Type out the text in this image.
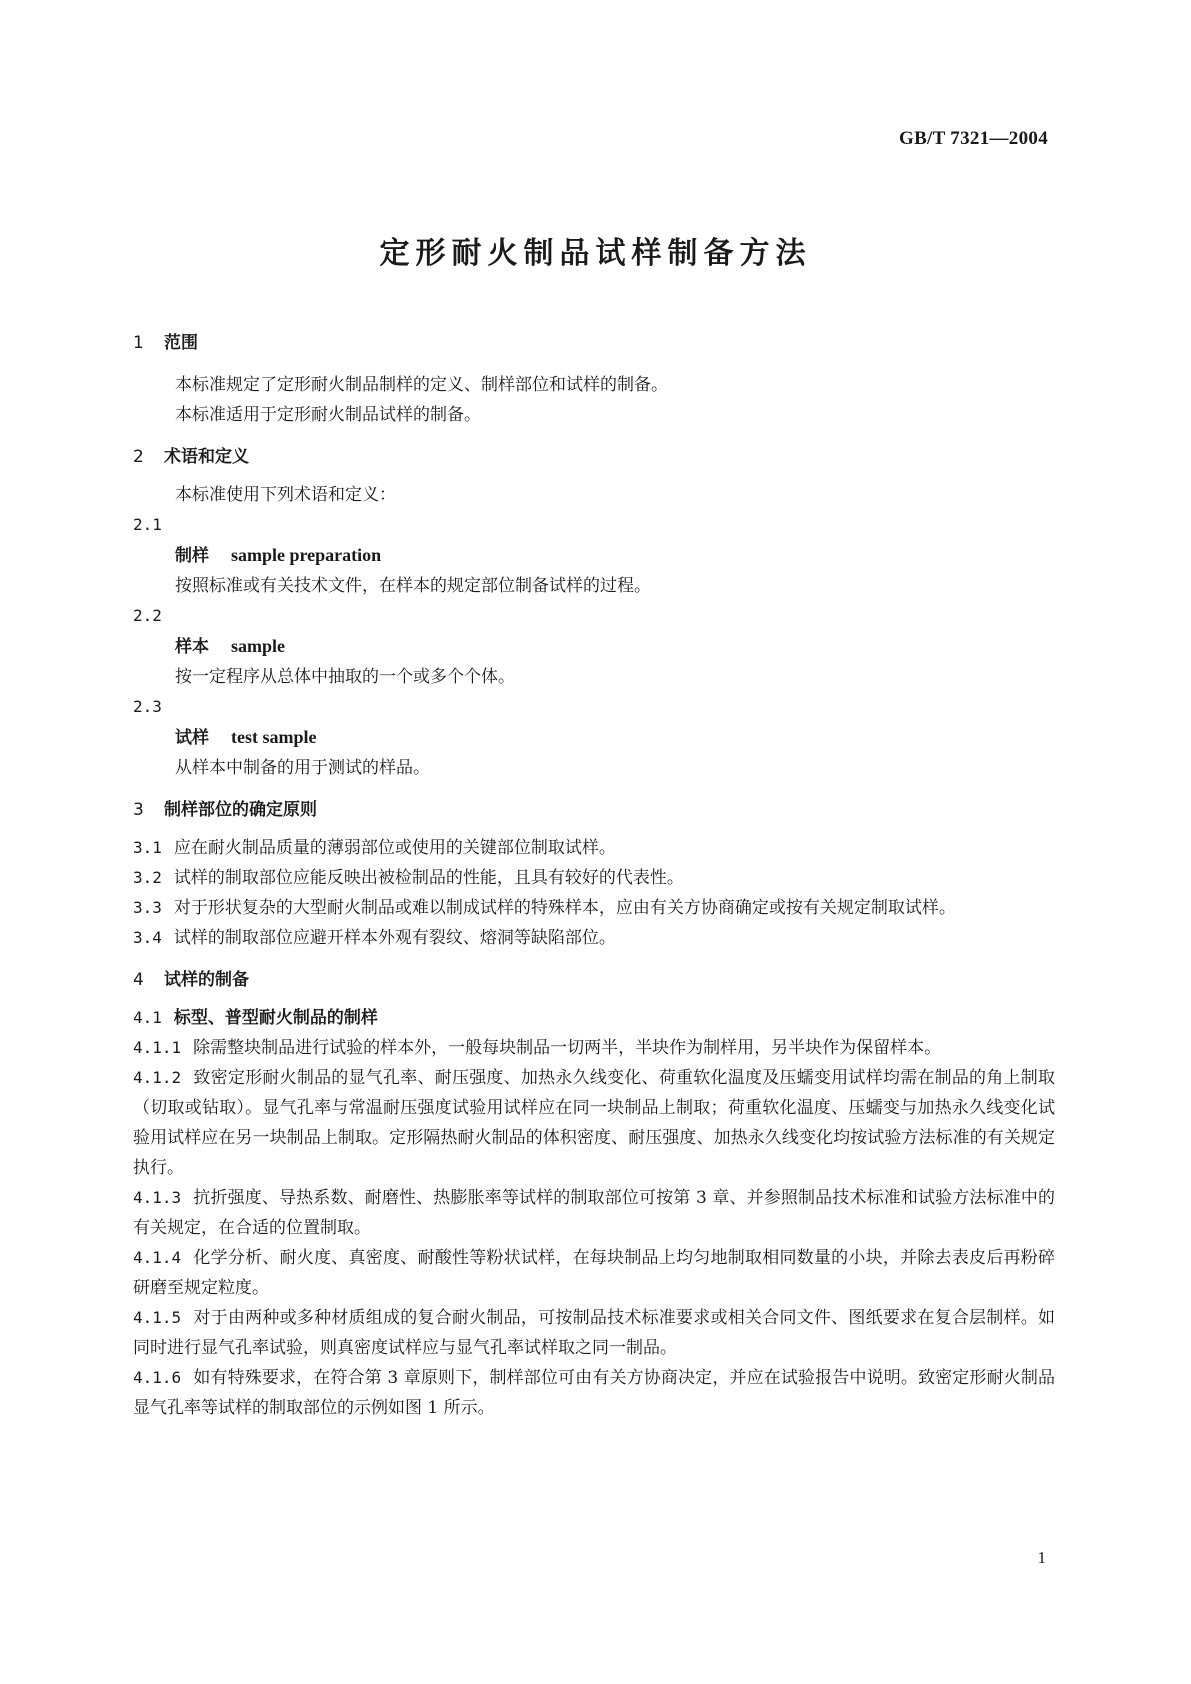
GB/T 7321—2004
定形耐火制品试样制备方法
1 范围
本标准规定了定形耐火制品制样的定义、制样部位和试样的制备。
本标准适用于定形耐火制品试样的制备。
2 术语和定义
本标准使用下列术语和定义：
2.1
制样 sample preparation
按照标准或有关技术文件，在样本的规定部位制备试样的过程。
2.2
样本 sample
按一定程序从总体中抽取的一个或多个个体。
2.3
试样 test sample
从样本中制备的用于测试的样品。
3 制样部位的确定原则
3.1 应在耐火制品质量的薄弱部位或使用的关键部位制取试样。
3.2 试样的制取部位应能反映出被检制品的性能，且具有较好的代表性。
3.3 对于形状复杂的大型耐火制品或难以制成试样的特殊样本，应由有关方协商确定或按有关规定制取试样。
3.4 试样的制取部位应避开样本外观有裂纹、熔洞等缺陷部位。
4 试样的制备
4.1 标型、普型耐火制品的制样
4.1.1 除需整块制品进行试验的样本外，一般每块制品一切两半，半块作为制样用，另半块作为保留样本。
4.1.2 致密定形耐火制品的显气孔率、耐压强度、加热永久线变化、荷重软化温度及压蠕变用试样均需在制品的角上制取（切取或钻取）。显气孔率与常温耐压强度试验用试样应在同一块制品上制取；荷重软化温度、压蠕变与加热永久线变化试验用试样应在另一块制品上制取。定形隔热耐火制品的体积密度、耐压强度、加热永久线变化均按试验方法标准的有关规定执行。
4.1.3 抗折强度、导热系数、耐磨性、热膨胀率等试样的制取部位可按第 3 章、并参照制品技术标准和试验方法标准中的有关规定，在合适的位置制取。
4.1.4 化学分析、耐火度、真密度、耐酸性等粉状试样，在每块制品上均匀地制取相同数量的小块，并除去表皮后再粉碎研磨至规定粒度。
4.1.5 对于由两种或多种材质组成的复合耐火制品，可按制品技术标准要求或相关合同文件、图纸要求在复合层制样。如同时进行显气孔率试验，则真密度试样应与显气孔率试样取之同一制品。
4.1.6 如有特殊要求，在符合第 3 章原则下，制样部位可由有关方协商决定，并应在试验报告中说明。致密定形耐火制品显气孔率等试样的制取部位的示例如图 1 所示。
1
